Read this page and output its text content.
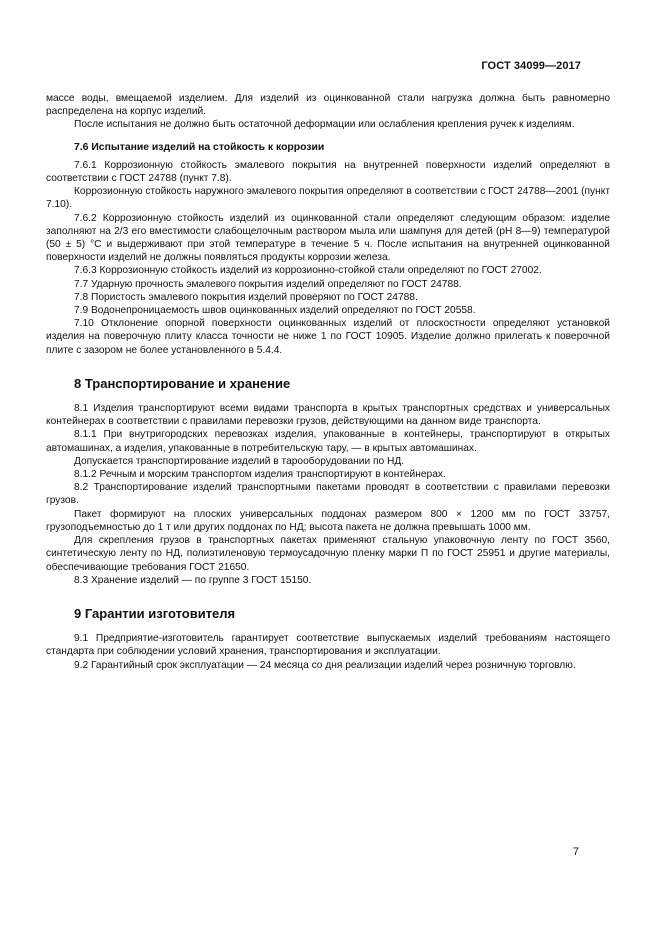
ГОСТ 34099—2017

массе воды, вмещаемой изделием. Для изделий из оцинкованной стали нагрузка должна быть равномерно распределена на корпус изделий.

После испытания не должно быть остаточной деформации или ослабления крепления ручек к изделиям.

7.6 Испытание изделий на стойкость к коррозии

7.6.1 Коррозионную стойкость эмалевого покрытия на внутренней поверхности изделий определяют в соответствии с ГОСТ 24788 (пункт 7.8).

Коррозионную стойкость наружного эмалевого покрытия определяют в соответствии с ГОСТ 24788—2001 (пункт 7.10).

7.6.2 Коррозионную стойкость изделий из оцинкованной стали определяют следующим образом: изделие заполняют на 2/3 его вместимости слабощелочным раствором мыла или шампуня для детей (pH 8—9) температурой (50 ± 5) °С и выдерживают при этой температуре в течение 5 ч. После испытания на внутренней оцинкованной поверхности изделий не должны появляться продукты коррозии железа.

7.6.3 Коррозионную стойкость изделий из коррозионно-стойкой стали определяют по ГОСТ 27002.

7.7 Ударную прочность эмалевого покрытия изделий определяют по ГОСТ 24788.

7.8 Пористость эмалевого покрытия изделий проверяют по ГОСТ 24788.

7.9 Водонепроницаемость швов оцинкованных изделий определяют по ГОСТ 20558.

7.10 Отклонение опорной поверхности оцинкованных изделий от плоскостности определяют установкой изделия на поверочную плиту класса точности не ниже 1 по ГОСТ 10905. Изделие должно прилегать к поверочной плите с зазором не более установленного в 5.4.4.

8 Транспортирование и хранение

8.1 Изделия транспортируют всеми видами транспорта в крытых транспортных средствах и универсальных контейнерах в соответствии с правилами перевозки грузов, действующими на данном виде транспорта.

8.1.1 При внутригородских перевозках изделия, упакованные в контейнеры, транспортируют в открытых автомашинах, а изделия, упакованные в потребительскую тару, — в крытых автомашинах.

Допускается транспортирование изделий в тарооборудовании по НД.

8.1.2 Речным и морским транспортом изделия транспортируют в контейнерах.

8.2 Транспортирование изделий транспортными пакетами проводят в соответствии с правилами перевозки грузов.

Пакет формируют на плоских универсальных поддонах размером 800 × 1200 мм по ГОСТ 33757, грузоподъемностью до 1 т или других поддонах по НД; высота пакета не должна превышать 1000 мм.

Для скрепления грузов в транспортных пакетах применяют стальную упаковочную ленту по ГОСТ 3560, синтетическую ленту по НД, полиэтиленовую термоусадочную пленку марки П по ГОСТ 25951 и другие материалы, обеспечивающие требования ГОСТ 21650.

8.3 Хранение изделий — по группе 3 ГОСТ 15150.

9 Гарантии изготовителя

9.1 Предприятие-изготовитель гарантирует соответствие выпускаемых изделий требованиям настоящего стандарта при соблюдении условий хранения, транспортирования и эксплуатации.

9.2 Гарантийный срок эксплуатации — 24 месяца со дня реализации изделий через розничную торговлю.

7
